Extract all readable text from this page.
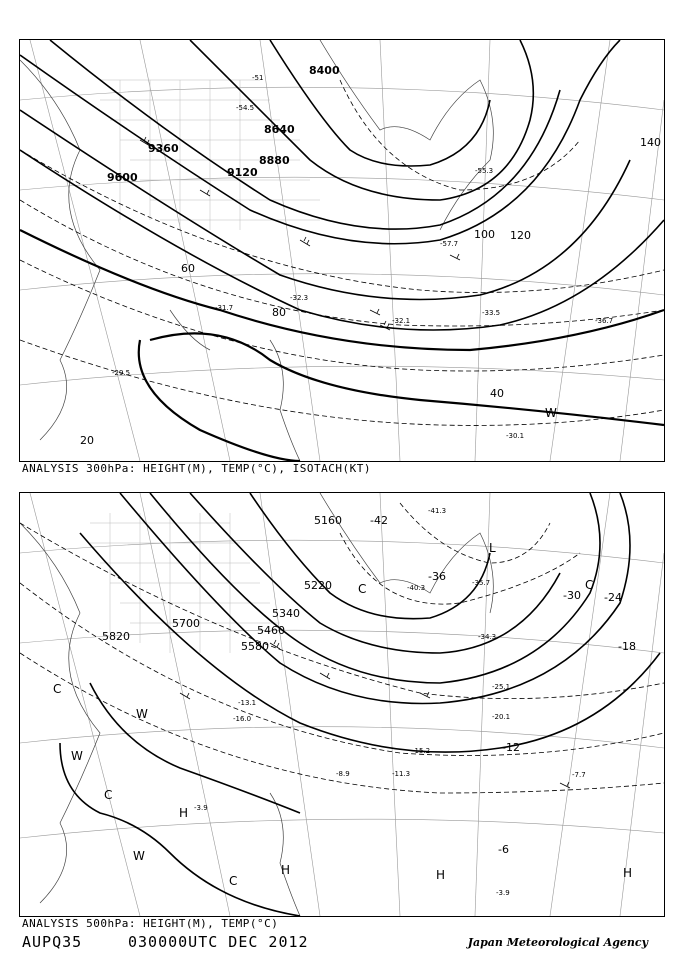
8400
8640
8880
9120
9360
9600
20
40
60
80
100 120
140
-51
-54.5
-55.3
-57.7
-31.7
-32.3
-36.7
-29.5
-32.1
-33.5
-30.1
W
ANALYSIS 300hPa: HEIGHT(M), TEMP(°C), ISOTACH(KT)
5160
5220
5340
5460
5580
5700
5820
-42
-36
-30 -24
-18
-12
-6
-41.3
-40.3
-35.7
-34.3
-25.1
-20.1
-15.2
-11.3
-8.9	-7.7
-3.9
-3.9
-13.1
-16.0
L
C
C
C
H
H	H	H
C
C
W
W
W
ANALYSIS 500hPa: HEIGHT(M), TEMP(°C)
AUPQ35	030000UTC DEC 2012	Japan Meteorological Agency
